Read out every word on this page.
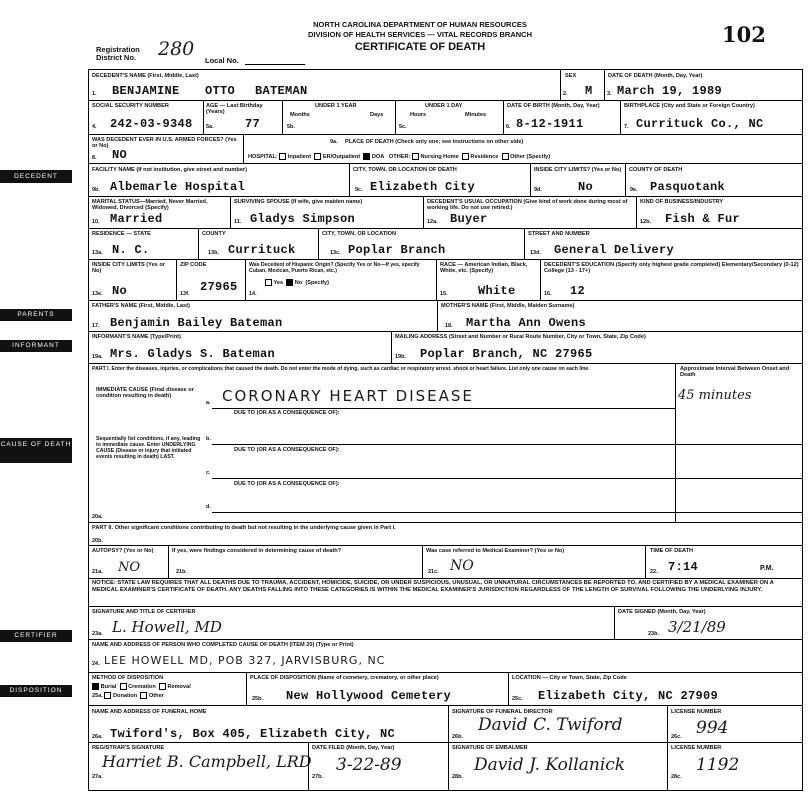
NORTH CAROLINA DEPARTMENT OF HUMAN RESOURCES
DIVISION OF HEALTH SERVICES — VITAL RECORDS BRANCH
CERTIFICATE OF DEATH	102
Registration District No.	280
Local No.
DECEDENT
PARENTS
INFORMANT
CAUSE OF DEATH
CERTIFIER
DISPOSITION
DECEDENT'S NAME (First, Middle, Last)
1. BENJAMINE OTTO BATEMAN
SEX
2. M
DATE OF DEATH (Month, Day, Year)
3. March 19, 1989
SOCIAL SECURITY NUMBER
4. 242-03-9348
AGE — Last Birthday (Years)
5a.	77
UNDER 1 YEAR
Months	Days
5b.
UNDER 1 DAY
Hours	Minutes
5c.
DATE OF BIRTH (Month, Day, Year)
6. 8-12-1911
BIRTHPLACE (City and State or Foreign Country)
7. Currituck Co., NC
WAS DECEDENT EVER IN U.S. ARMED FORCES? (Yes or No)
8. NO
9a. PLACE OF DEATH (Check only one; see instructions on other side)
HOSPITAL: Inpatient ER/Outpatient DOA OTHER: Nursing Home Residence Other (Specify)
FACILITY NAME (If not institution, give street and number)
9b. Albemarle Hospital
CITY, TOWN, OR LOCATION OF DEATH
9c. Elizabeth City
INSIDE CITY LIMITS? (Yes or No)
9d.	No
COUNTY OF DEATH
9e. Pasquotank
MARITAL STATUS—Married, Never Married, Widowed, Divorced (Specify)
10. Married
SURVIVING SPOUSE (If wife, give maiden name)
11. Gladys Simpson
DECEDENT'S USUAL OCCUPATION (Give kind of work done during most of working life. Do not use retired.)
12a. Buyer
KIND OF BUSINESS/INDUSTRY
12b. Fish & Fur
RESIDENCE — STATE
13a. N. C.
COUNTY
13b. Currituck
CITY, TOWN, OR LOCATION
13c. Poplar Branch
STREET AND NUMBER
13d. General Delivery
INSIDE CITY LIMITS (Yes or No)
13e. No
ZIP CODE
13f. 27965
Was Decedent of Hispanic Origin? (Specify Yes or No—If yes, specify Cuban, Mexican, Puerto Rican, etc.)
14.
Yes No (Specify)
RACE — American Indian, Black, White, etc. (Specify)
15.	White
DECEDENT'S EDUCATION (Specify only highest grade completed) Elementary/Secondary (0-12) College (13 - 17+)
16. 12
FATHER'S NAME (First, Middle, Last)
17. Benjamin Bailey Bateman
MOTHER'S NAME (First, Middle, Maiden Surname)
18. Martha Ann Owens
INFORMANT'S NAME (Type/Print)
19a. Mrs. Gladys S. Bateman
MAILING ADDRESS (Street and Number or Rural Route Number, City or Town, State, Zip Code)
19b. Poplar Branch, NC 27965
PART I. Enter the diseases, injuries, or complications that caused the death. Do not enter the mode of dying, such as cardiac or respiratory arrest, shock or heart failure. List only one cause on each line.	Approximate Interval Between Onset and Death
IMMEDIATE CAUSE (Final disease or condition resulting in death)
a. CORONARY HEART DISEASE	45 minutes
DUE TO (OR AS A CONSEQUENCE OF):
b.
Sequentially list conditions, if any, leading to immediate cause. Enter UNDERLYING CAUSE (Disease or injury that initiated events resulting in death) LAST.
DUE TO (OR AS A CONSEQUENCE OF):
c.
DUE TO (OR AS A CONSEQUENCE OF):
d.
20a.
PART II. Other significant conditions contributing to death but not resulting in the underlying cause given in Part I.
20b.
AUTOPSY? (Yes or No)
21a. NO
If yes, were findings considered in determining cause of death?
21b.
Was case referred to Medical Examiner? (Yes or No)
21c. NO
TIME OF DEATH
22. 7:14	P.M.
NOTICE: STATE LAW REQUIRES THAT ALL DEATHS DUE TO TRAUMA, ACCIDENT, HOMICIDE, SUICIDE, OR UNDER SUSPICIOUS, UNUSUAL, OR UNNATURAL CIRCUMSTANCES BE REPORTED TO, AND CERTIFIED BY A MEDICAL EXAMINER ON A MEDICAL EXAMINER'S CERTIFICATE OF DEATH. ANY DEATHS FALLING INTO THESE CATEGORIES IS WITHIN THE MEDICAL EXAMINER'S JURISDICTION REGARDLESS OF THE LENGTH OF SURVIVAL FOLLOWING THE UNDERLYING INJURY.
SIGNATURE AND TITLE OF CERTIFIER
23a. L. Howell, MD
DATE SIGNED (Month, Day, Year)
23b. 3/21/89
NAME AND ADDRESS OF PERSON WHO COMPLETED CAUSE OF DEATH (ITEM 20) (Type or Print)
24. LEE HOWELL MD, POB 327, JARVISBURG, NC
METHOD OF DISPOSITION
Burial Cremation Removal
25a. Donation Other
PLACE OF DISPOSITION (Name of cemetery, crematory, or other place)
25b. New Hollywood Cemetery
LOCATION — City or Town, State, Zip Code
25c. Elizabeth City, NC 27909
NAME AND ADDRESS OF FUNERAL HOME
26a. Twiford's, Box 405, Elizabeth City, NC
SIGNATURE OF FUNERAL DIRECTOR
26b.
David C. Twiford
LICENSE NUMBER
26c. 994
REGISTRAR'S SIGNATURE
27a.
Harriet B. Campbell, LRD
DATE FILED (Month, Day, Year)
27b.
3-22-89
SIGNATURE OF EMBALMER
28b.
David J. Kollanick
LICENSE NUMBER
28c.
1192
